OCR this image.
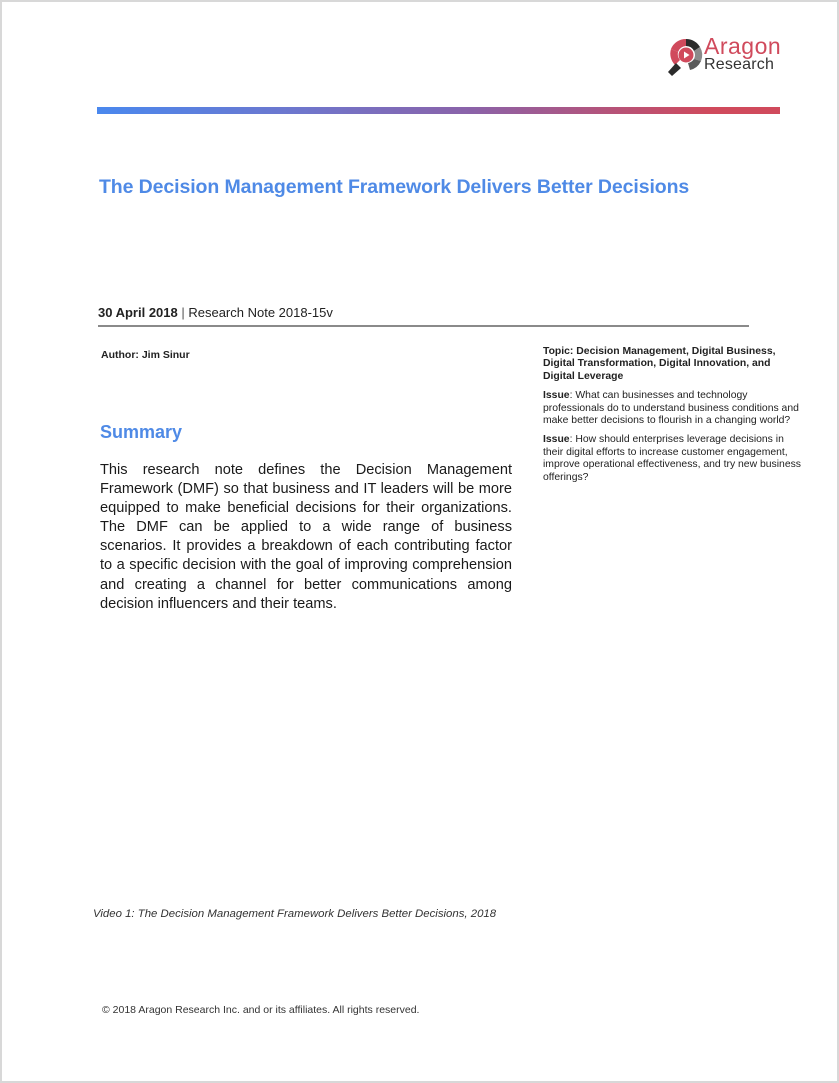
Aragon
Research
The Decision Management Framework Delivers Better Decisions
30 April 2018 | Research Note 2018-15v
Author: Jim Sinur	Topic: Decision Management, Digital Business, Digital Transformation, Digital Innovation, and Digital Leverage
Issue: What can businesses and technology professionals do to understand business conditions and make better decisions to flourish in a changing world?
Issue: How should enterprises leverage decisions in their digital efforts to increase customer engagement, improve operational effectiveness, and try new business offerings?
Summary

This research note defines the Decision Management Framework (DMF) so that business and IT leaders will be more equipped to make beneficial decisions for their organizations. The DMF can be applied to a wide range of business scenarios. It provides a breakdown of each contributing factor to a specific decision with the goal of improving comprehension and creating a channel for better communications among decision influencers and their teams.

Video 1: The Decision Management Framework Delivers Better Decisions, 2018
© 2018 Aragon Research Inc. and or its affiliates. All rights reserved.
